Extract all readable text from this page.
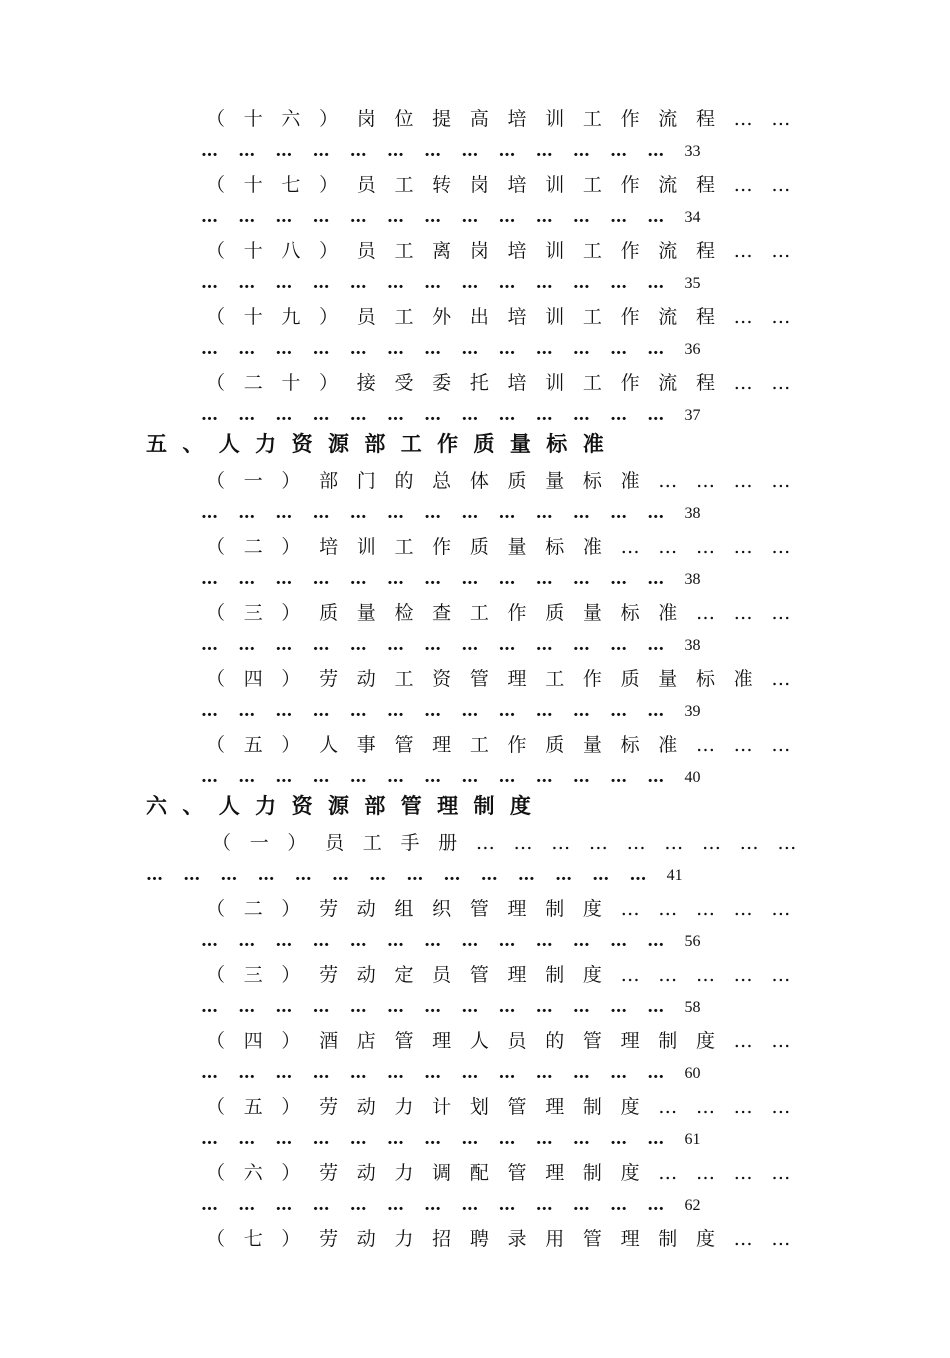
（ 十 六 ） 岗 位 提 高 培 训 工 作 流 程 … …
… … … … … … … … … … … … … 33
（ 十 七 ） 员 工 转 岗 培 训 工 作 流 程 … …
… … … … … … … … … … … … … 34
（ 十 八 ） 员 工 离 岗 培 训 工 作 流 程 … …
… … … … … … … … … … … … … 35
（ 十 九 ） 员 工 外 出 培 训 工 作 流 程 … …
… … … … … … … … … … … … … 36
（ 二 十 ） 接 受 委 托 培 训 工 作 流 程 … …
… … … … … … … … … … … … … 37
五 、 人 力 资 源 部 工 作 质 量 标 准
（ 一 ） 部 门 的 总 体 质 量 标 准 … … … …
… … … … … … … … … … … … … 38
（ 二 ） 培 训 工 作 质 量 标 准 … … … … …
… … … … … … … … … … … … … 38
（ 三 ） 质 量 检 查 工 作 质 量 标 准 … … …
… … … … … … … … … … … … … 38
（ 四 ） 劳 动 工 资 管 理 工 作 质 量 标 准 …
… … … … … … … … … … … … … 39
（ 五 ） 人 事 管 理 工 作 质 量 标 准 … … …
… … … … … … … … … … … … … 40
六 、 人 力 资 源 部 管 理 制 度
（ 一 ） 员 工 手 册 … … … … … … … … …
… … … … … … … … … … … … … … 41
（ 二 ） 劳 动 组 织 管 理 制 度 … … … … …
… … … … … … … … … … … … … 56
（ 三 ） 劳 动 定 员 管 理 制 度 … … … … …
… … … … … … … … … … … … … 58
（ 四 ） 酒 店 管 理 人 员 的 管 理 制 度 … …
… … … … … … … … … … … … … 60
（ 五 ） 劳 动 力 计 划 管 理 制 度 … … … …
… … … … … … … … … … … … … 61
（ 六 ） 劳 动 力 调 配 管 理 制 度 … … … …
… … … … … … … … … … … … … 62
（ 七 ） 劳 动 力 招 聘 录 用 管 理 制 度 … …
